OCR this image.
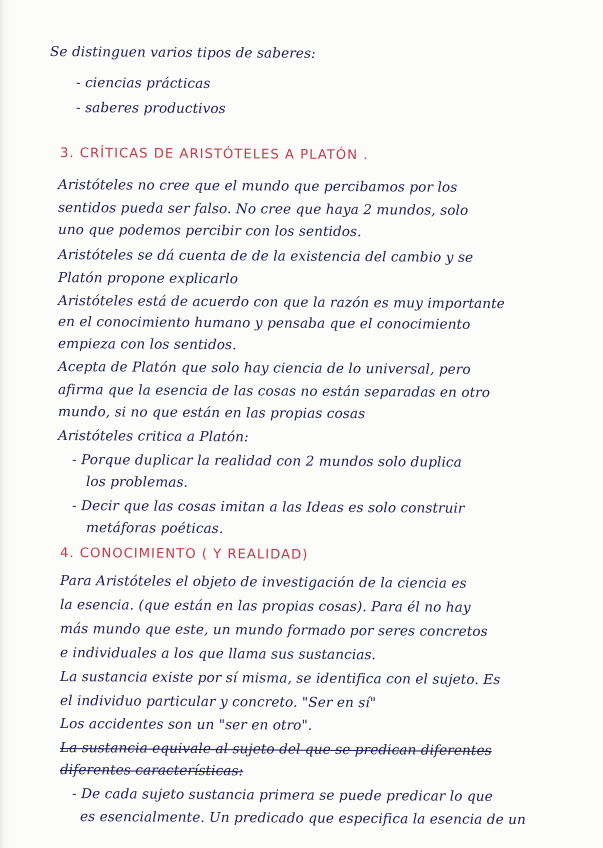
Se distinguen varios tipos de saberes:
- ciencias prácticas
- saberes productivos
3. CRÍTICAS DE ARISTÓTELES A PLATÓN .
Aristóteles no cree que el mundo que percibamos por los
sentidos pueda ser falso. No cree que haya 2 mundos, solo
uno que podemos percibir con los sentidos.
Aristóteles se dá cuenta de de la existencia del cambio y se
Platón propone explicarlo
Aristóteles está de acuerdo con que la razón es muy importante
en el conocimiento humano y pensaba que el conocimiento
empieza con los sentidos.
Acepta de Platón que solo hay ciencia de lo universal, pero
afirma que la esencia de las cosas no están separadas en otro
mundo, si no que están en las propias cosas
Aristóteles critica a Platón:
- Porque duplicar la realidad con 2 mundos solo duplica
los problemas.
- Decir que las cosas imitan a las Ideas es solo construir
metáforas poéticas.
4. CONOCIMIENTO ( Y REALIDAD)
Para Aristóteles el objeto de investigación de la ciencia es
la esencia. (que están en las propias cosas). Para él no hay
más mundo que este, un mundo formado por seres concretos
e individuales a los que llama sus sustancias.
La sustancia existe por sí misma, se identifica con el sujeto. Es
el individuo particular y concreto. "Ser en sí"
Los accidentes son un "ser en otro".
La sustancia equivale al sujeto del que se predican diferentes
diferentes características:
- De cada sujeto sustancia primera se puede predicar lo que
es esencialmente. Un predicado que especifica la esencia de un
